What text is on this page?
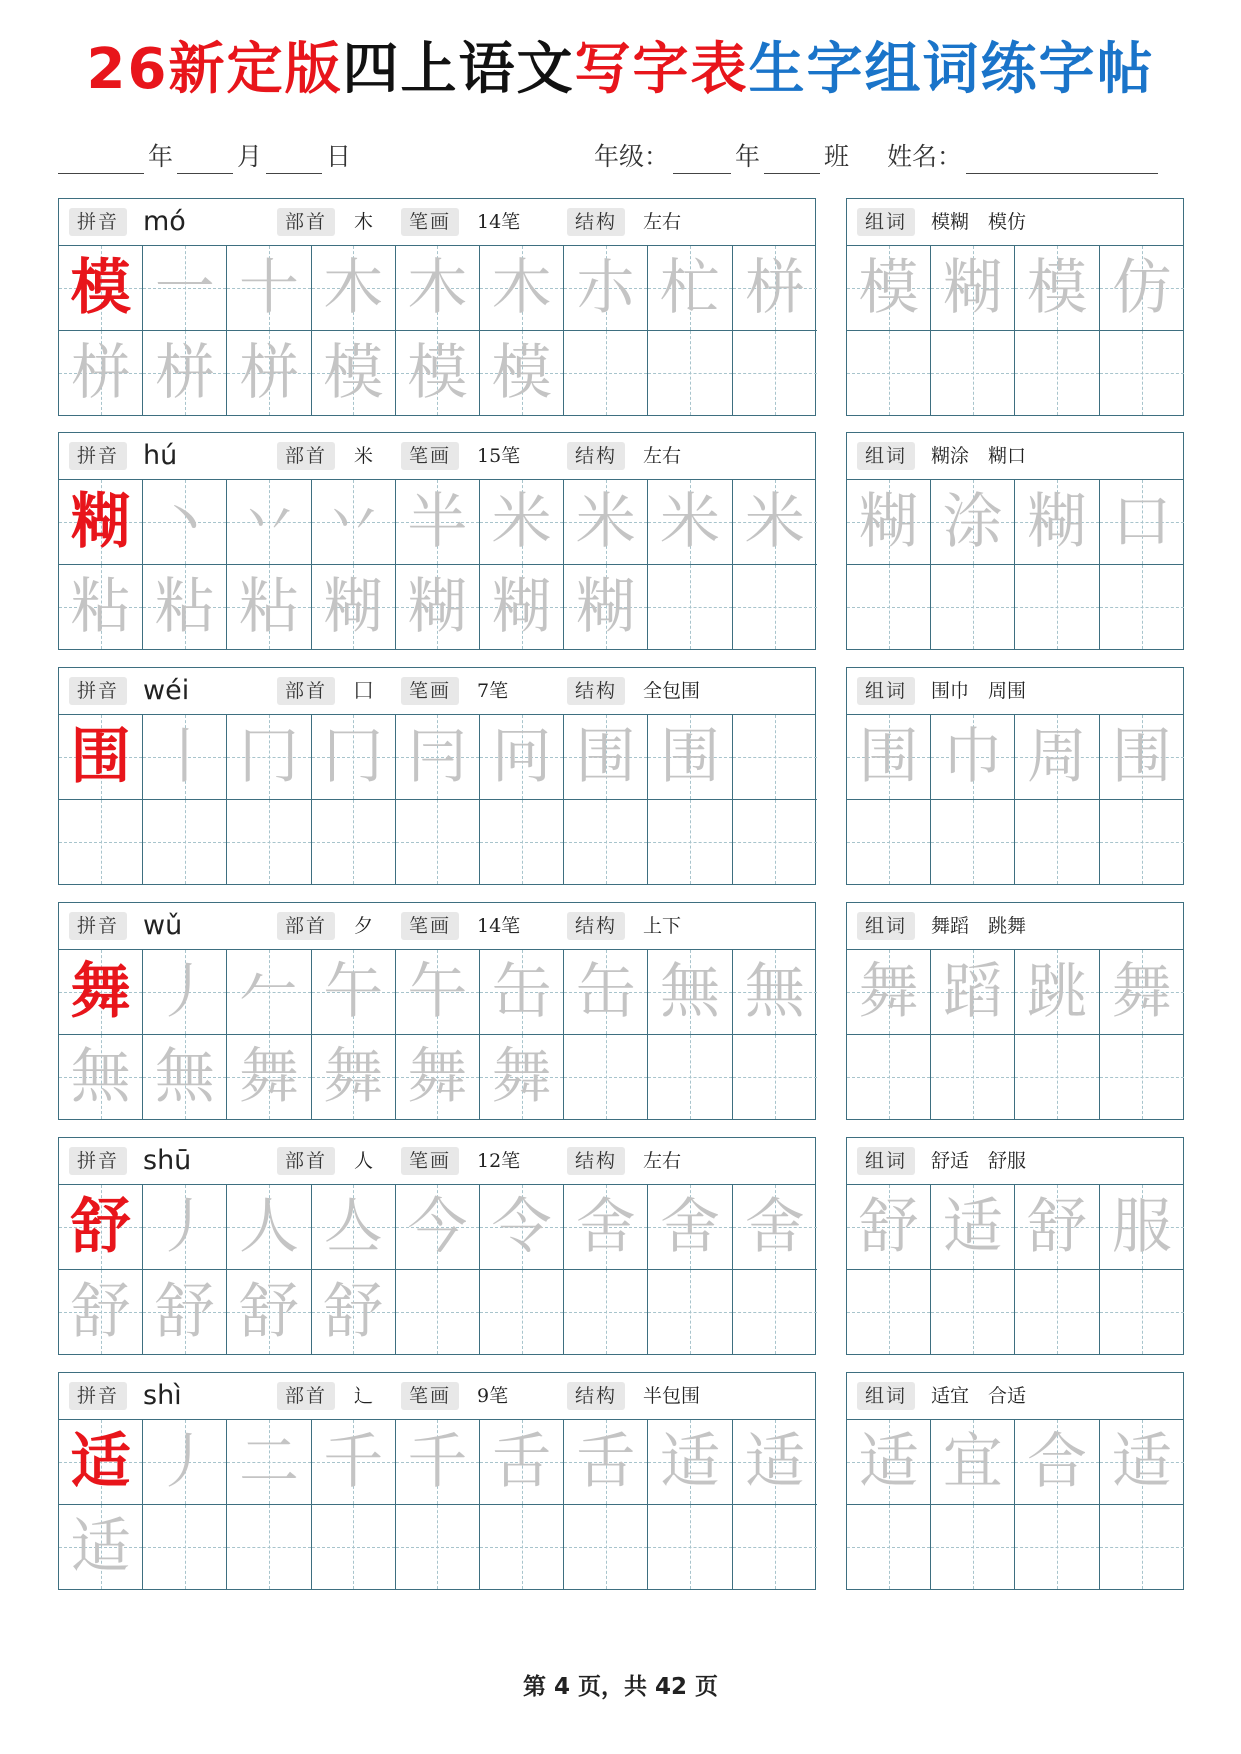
26新定版四上语文写字表生字组词练字帖
年	月	日	年级：	年	班 姓名：
拼音 mó	部首	木	笔画	14笔	结构	左右
模 一 十 木 木 木 朩 杧 栟
栟 栟 栟 模 模 模
组词	模糊　模仿
模 糊 模 仿
拼音 hú	部首	米	笔画	15笔	结构	左右
糊 丶 丷 丷 半 米 米 米 米
粘 粘 粘 糊 糊 糊 糊
组词	糊涂　糊口
糊 涂 糊 口
拼音 wéi	部首	囗	笔画	7笔	结构	全包围
围 丨 冂 冂 冃 冋 围 围
组词	围巾　周围
围 巾 周 围
拼音 wǔ	部首	夕	笔画	14笔	结构	上下
舞 丿 𠂉 午 午 缶 缶 無 無
無 無 舞 舞 舞 舞
组词	舞蹈　跳舞
舞 蹈 跳 舞
拼音 shū	部首	人	笔画	12笔	结构	左右
舒 丿 人 亼 今 令 舍 舍 舍
舒 舒 舒 舒
组词	舒适　舒服
舒 适 舒 服
拼音 shì	部首	辶	笔画	9笔	结构	半包围
适 丿 二 千 千 舌 舌 适 适
适
组词	适宜　合适
适 宜 合 适
第 4 页，共 42 页
